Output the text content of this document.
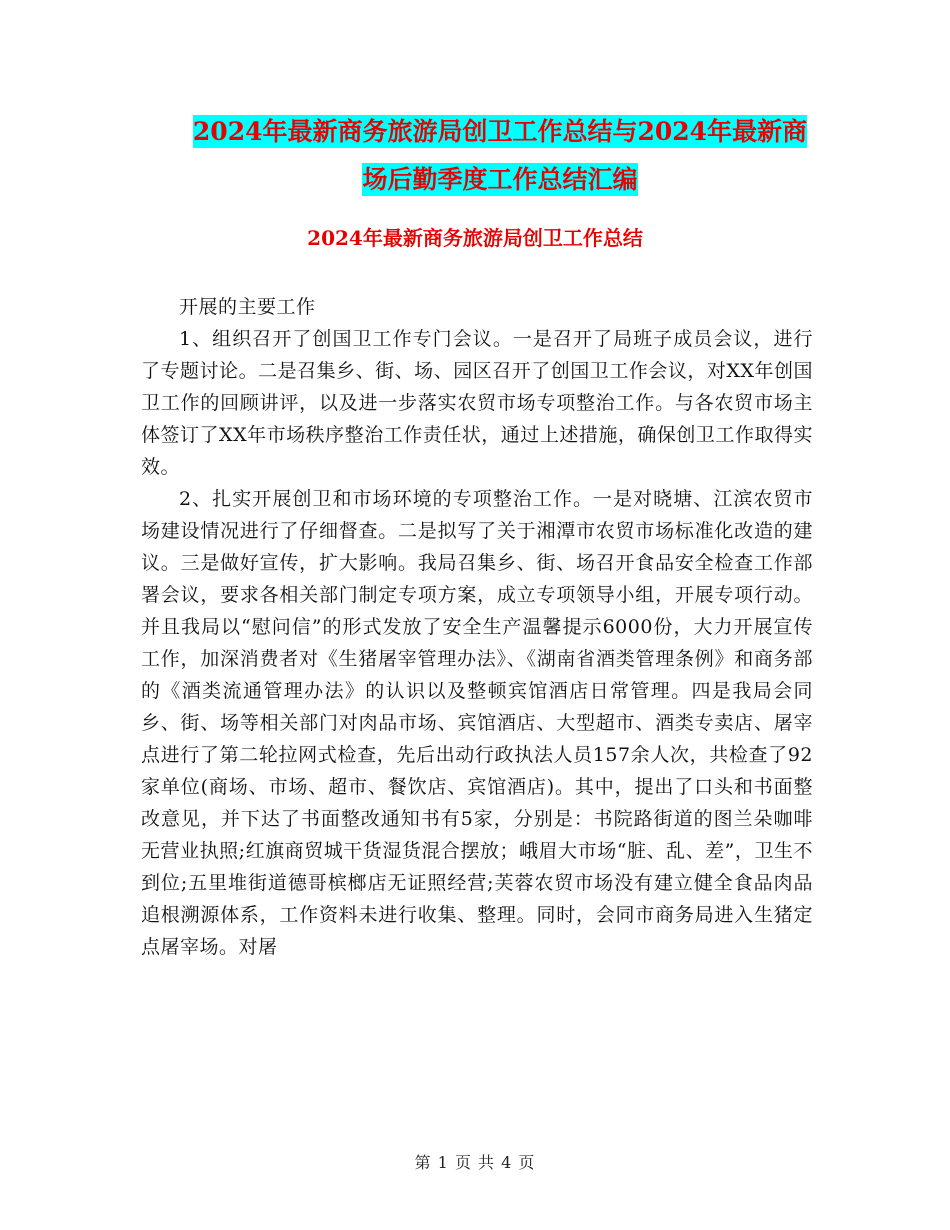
2024年最新商务旅游局创卫工作总结与2024年最新商
场后勤季度工作总结汇编
2024年最新商务旅游局创卫工作总结

开展的主要工作

1、组织召开了创国卫工作专门会议。一是召开了局班子成员会议，进行了专题讨论。二是召集乡、街、场、园区召开了创国卫工作会议，对XX年创国卫工作的回顾讲评，以及进一步落实农贸市场专项整治工作。与各农贸市场主体签订了XX年市场秩序整治工作责任状，通过上述措施，确保创卫工作取得实效。

2、扎实开展创卫和市场环境的专项整治工作。一是对晓塘、江滨农贸市场建设情况进行了仔细督查。二是拟写了关于湘潭市农贸市场标准化改造的建议。三是做好宣传，扩大影响。我局召集乡、街、场召开食品安全检查工作部署会议，要求各相关部门制定专项方案，成立专项领导小组，开展专项行动。并且我局以“慰问信”的形式发放了安全生产温馨提示6000份，大力开展宣传工作，加深消费者对《生猪屠宰管理办法》、《湖南省酒类管理条例》和商务部的《酒类流通管理办法》的认识以及整顿宾馆酒店日常管理。四是我局会同乡、街、场等相关部门对肉品市场、宾馆酒店、大型超市、酒类专卖店、屠宰点进行了第二轮拉网式检查，先后出动行政执法人员157余人次，共检查了92家单位(商场、市场、超市、餐饮店、宾馆酒店)。其中，提出了口头和书面整改意见，并下达了书面整改通知书有5家，分别是：书院路街道的图兰朵咖啡无营业执照;红旗商贸城干货湿货混合摆放；峨眉大市场“脏、乱、差”，卫生不到位;五里堆街道德哥槟榔店无证照经营;芙蓉农贸市场没有建立健全食品肉品追根溯源体系，工作资料未进行收集、整理。同时，会同市商务局进入生猪定点屠宰场。对屠

第 1 页 共 4 页
